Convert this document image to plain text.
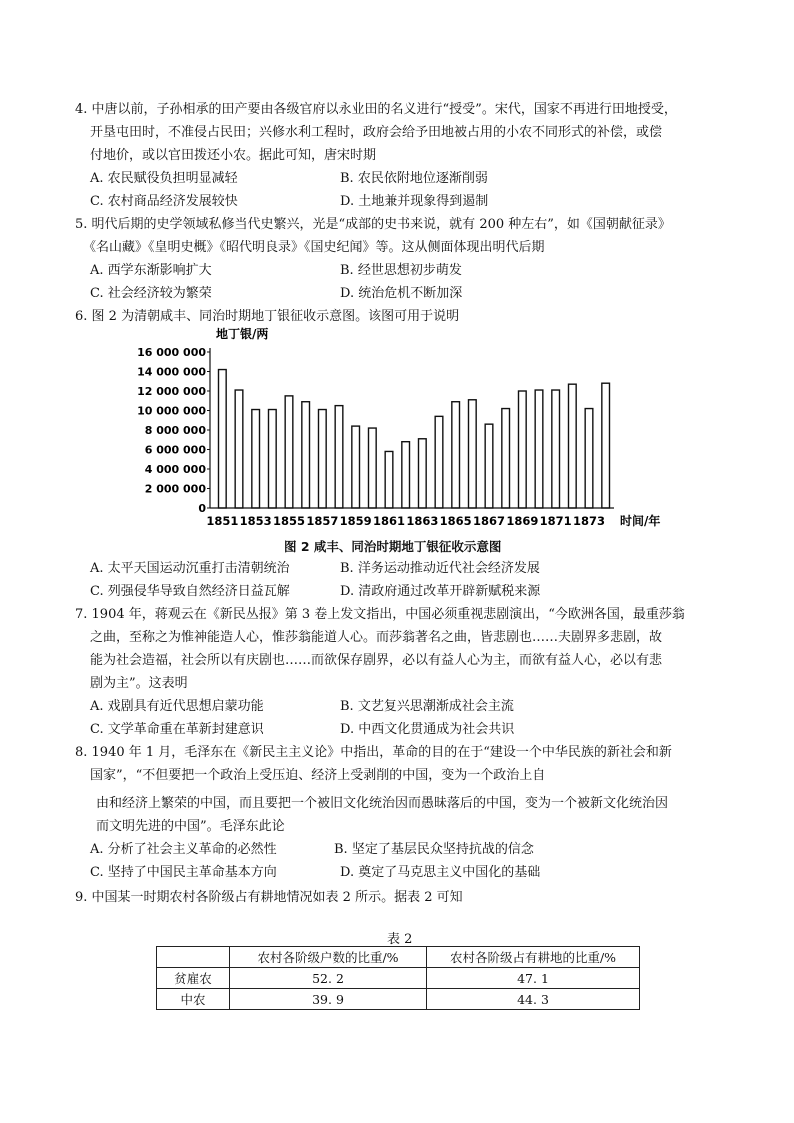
4. 中唐以前，子孙相承的田产要由各级官府以永业田的名义进行“授受”。宋代，国家不再进行田地授受，
开垦屯田时，不准侵占民田；兴修水利工程时，政府会给予田地被占用的小农不同形式的补偿，或偿
付地价，或以官田拨还小农。据此可知，唐宋时期
A. 农民赋役负担明显减轻	B. 农民依附地位逐渐削弱
C. 农村商品经济发展较快	D. 土地兼并现象得到遏制
5. 明代后期的史学领域私修当代史繁兴，光是“成部的史书来说，就有 200 种左右”，如《国朝献征录》
《名山藏》《皇明史概》《昭代明良录》《国史纪闻》等。这从侧面体现出明代后期
A. 西学东渐影响扩大	B. 经世思想初步萌发
C. 社会经济较为繁荣	D. 统治危机不断加深
6. 图 2 为清朝咸丰、同治时期地丁银征收示意图。该图可用于说明
地丁银/两
0
2 000 000
4 000 000
6 000 000
8 000 000
10 000 000
12 000 000
14 000 000
16 000 000
1851 1853 1855 1857 1859 1861 1863 1865 1867 1869 1871 1873 时间/年
图 2 咸丰、同治时期地丁银征收示意图
A. 太平天国运动沉重打击清朝统治	B. 洋务运动推动近代社会经济发展
C. 列强侵华导致自然经济日益瓦解	D. 清政府通过改革开辟新赋税来源
7. 1904 年，蒋观云在《新民丛报》第 3 卷上发文指出，中国必须重视悲剧演出，“今欧洲各国，最重莎翁
之曲，至称之为惟神能造人心，惟莎翁能道人心。而莎翁著名之曲，皆悲剧也……夫剧界多悲剧，故
能为社会造福，社会所以有庆剧也……而欲保存剧界，必以有益人心为主，而欲有益人心，必以有悲
剧为主”。这表明
A. 戏剧具有近代思想启蒙功能	B. 文艺复兴思潮渐成社会主流
C. 文学革命重在革新封建意识	D. 中西文化贯通成为社会共识
8. 1940 年 1 月，毛泽东在《新民主主义论》中指出，革命的目的在于“建设一个中华民族的新社会和新
国家”，“不但要把一个政治上受压迫、经济上受剥削的中国，变为一个政治上自
由和经济上繁荣的中国，而且要把一个被旧文化统治因而愚昧落后的中国，变为一个被新文化统治因
而文明先进的中国”。毛泽东此论
A. 分析了社会主义革命的必然性	B. 坚定了基层民众坚持抗战的信念
C. 坚持了中国民主革命基本方向	D. 奠定了马克思主义中国化的基础
9. 中国某一时期农村各阶级占有耕地情况如表 2 所示。据表 2 可知
表 2
	农村各阶级户数的比重/%	农村各阶级占有耕地的比重/%
贫雇农	52. 2	47. 1
中农	39. 9	44. 3
